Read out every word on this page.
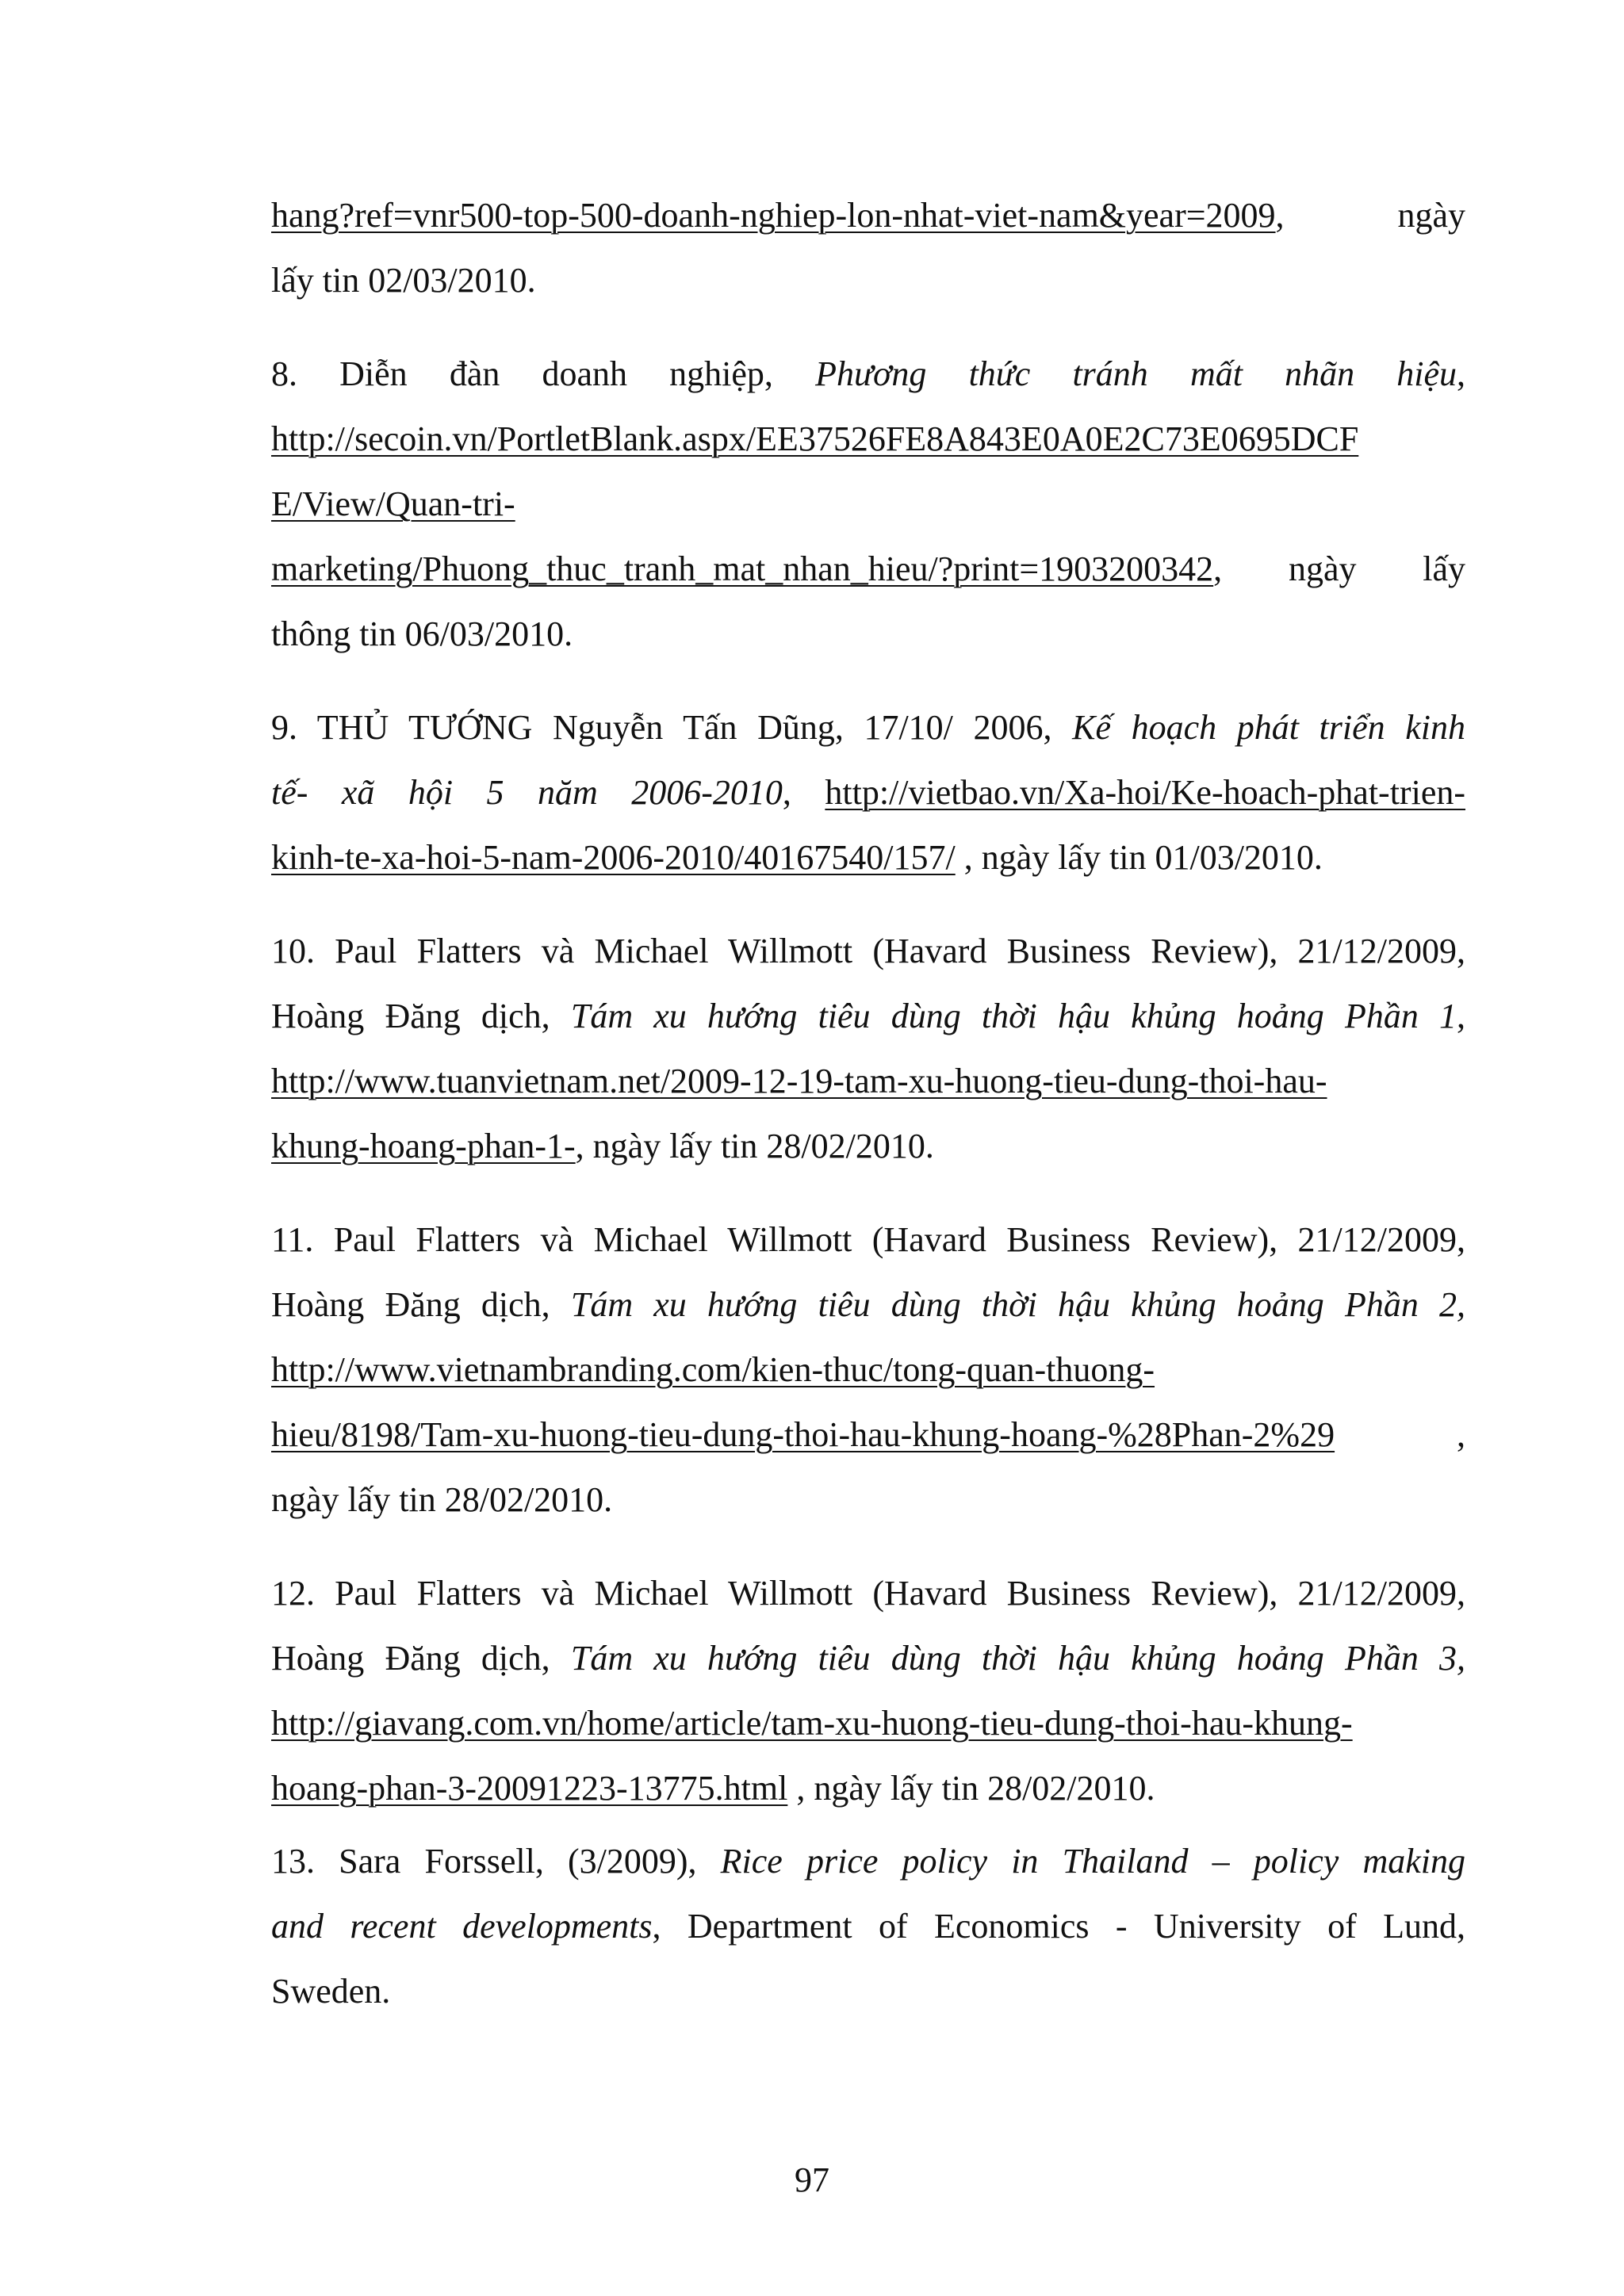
hang?ref=vnr500-top-500-doanh-nghiep-lon-nhat-viet-nam&year=2009, ngày

lấy tin 02/03/2010.

8. Diễn đàn doanh nghiệp, Phương thức tránh mất nhãn hiệu,

http://secoin.vn/PortletBlank.aspx/EE37526FE8A843E0A0E2C73E0695DCF

E/View/Quan-tri-

marketing/Phuong_thuc_tranh_mat_nhan_hieu/?print=1903200342, ngày lấy

thông tin 06/03/2010.

9. THỦ TƯỚNG Nguyễn Tấn Dũng, 17/10/ 2006, Kế hoạch phát triển kinh

tế- xã hội 5 năm 2006-2010, http://vietbao.vn/Xa-hoi/Ke-hoach-phat-trien-

kinh-te-xa-hoi-5-nam-2006-2010/40167540/157/ , ngày lấy tin 01/03/2010.

10. Paul Flatters và Michael Willmott (Havard Business Review), 21/12/2009,

Hoàng Đăng dịch, Tám xu hướng tiêu dùng thời hậu khủng hoảng Phần 1,

http://www.tuanvietnam.net/2009-12-19-tam-xu-huong-tieu-dung-thoi-hau-

khung-hoang-phan-1-, ngày lấy tin 28/02/2010.

11. Paul Flatters và Michael Willmott (Havard Business Review), 21/12/2009,

Hoàng Đăng dịch, Tám xu hướng tiêu dùng thời hậu khủng hoảng Phần 2,

http://www.vietnambranding.com/kien-thuc/tong-quan-thuong-

hieu/8198/Tam-xu-huong-tieu-dung-thoi-hau-khung-hoang-%28Phan-2%29 ,

ngày lấy tin 28/02/2010.

12. Paul Flatters và Michael Willmott (Havard Business Review), 21/12/2009,

Hoàng Đăng dịch, Tám xu hướng tiêu dùng thời hậu khủng hoảng Phần 3,

http://giavang.com.vn/home/article/tam-xu-huong-tieu-dung-thoi-hau-khung-

hoang-phan-3-20091223-13775.html , ngày lấy tin 28/02/2010.

13. Sara Forssell, (3/2009), Rice price policy in Thailand – policy making

and recent developments, Department of Economics - University of Lund,

Sweden.

97
